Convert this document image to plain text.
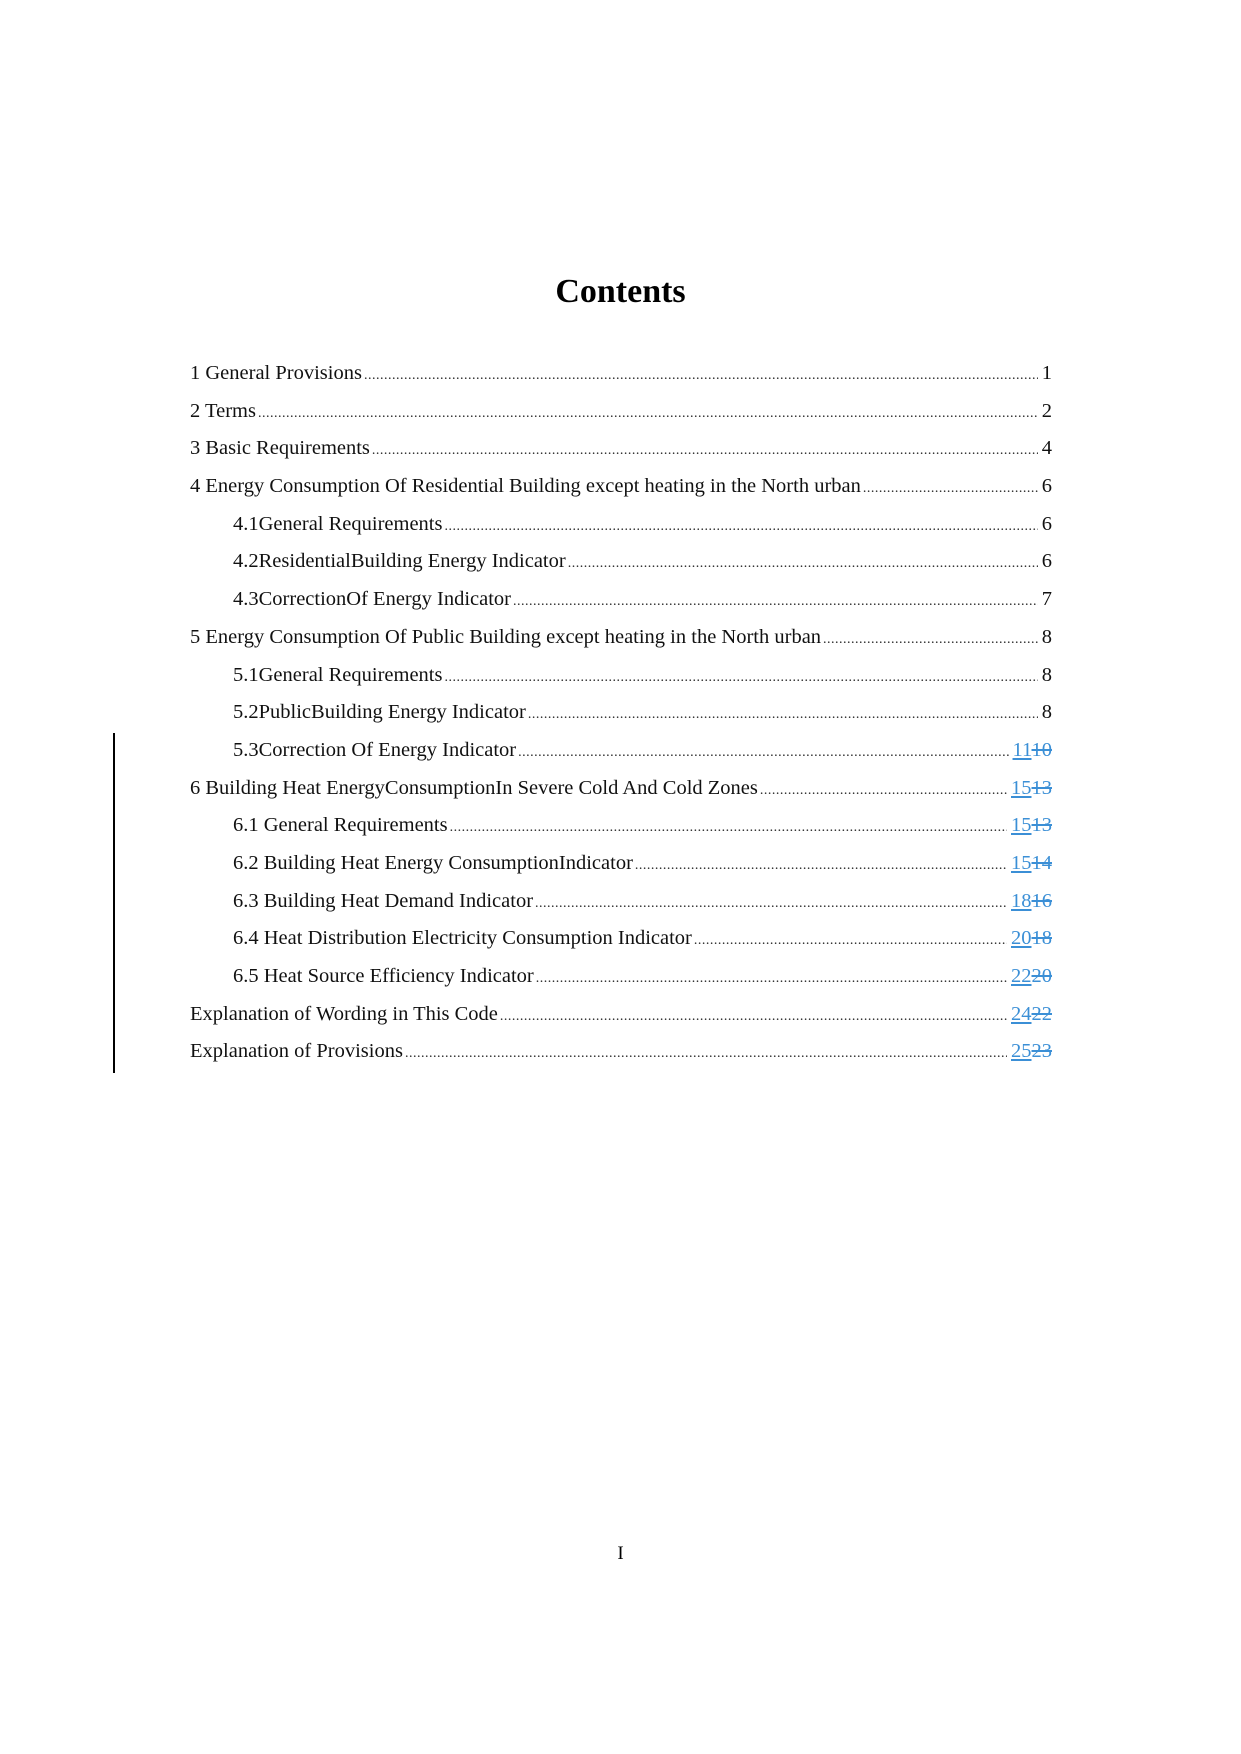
Contents
1 General Provisions .....	1
2 Terms .....	2
3 Basic Requirements .....	4
4 Energy Consumption Of Residential Building except heating in the North urban .....	6
4.1General Requirements .....	6
4.2ResidentialBuilding Energy Indicator .....	6
4.3CorrectionOf Energy Indicator .....	7
5 Energy Consumption Of Public Building except heating in the North urban .....	8
5.1General Requirements .....	8
5.2PublicBuilding Energy Indicator .....	8
5.3Correction Of Energy Indicator .....	1110
6 Building Heat EnergyConsumptionIn Severe Cold And Cold Zones .....	1513
6.1 General Requirements .....	1513
6.2 Building Heat Energy ConsumptionIndicator .....	1514
6.3 Building Heat Demand Indicator .....	1816
6.4 Heat Distribution Electricity Consumption Indicator .....	2018
6.5 Heat Source Efficiency Indicator .....	2220
Explanation of Wording in This Code .....	2422
Explanation of Provisions .....	2523
I
